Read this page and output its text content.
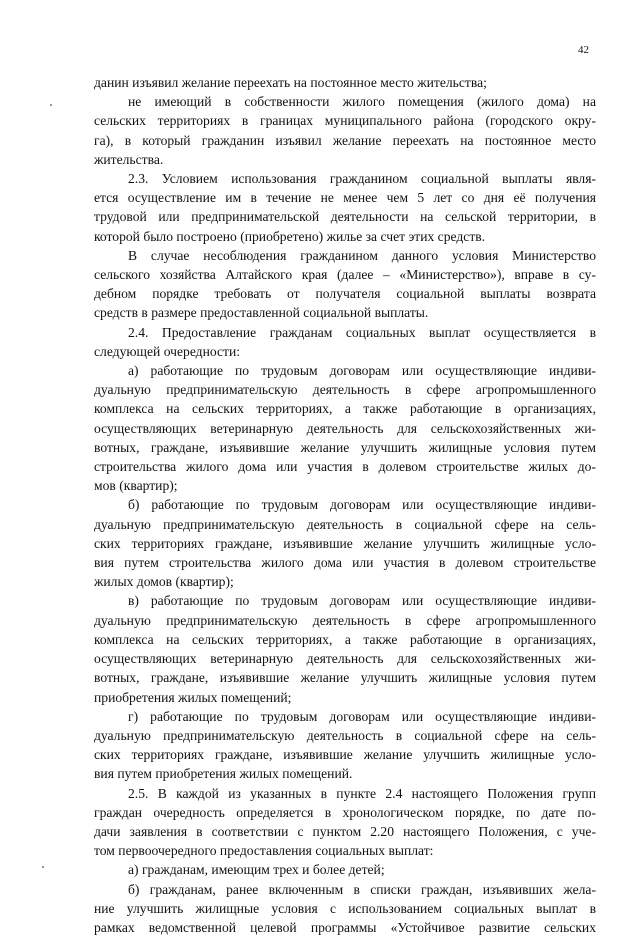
42
данин изъявил желание переехать на постоянное место жительства;
не имеющий в собственности жилого помещения (жилого дома) на
сельских территориях в границах муниципального района (городского окру-
га), в который гражданин изъявил желание переехать на постоянное место
жительства.
2.3. Условием использования гражданином социальной выплаты явля-
ется осуществление им в течение не менее чем 5 лет со дня её получения
трудовой или предпринимательской деятельности на сельской территории, в
которой было построено (приобретено) жилье за счет этих средств.
В случае несоблюдения гражданином данного условия Министерство
сельского хозяйства Алтайского края (далее – «Министерство»), вправе в су-
дебном порядке требовать от получателя социальной выплаты возврата
средств в размере предоставленной социальной выплаты.
2.4. Предоставление гражданам социальных выплат осуществляется в
следующей очередности:
а) работающие по трудовым договорам или осуществляющие индиви-
дуальную предпринимательскую деятельность в сфере агропромышленного
комплекса на сельских территориях, а также работающие в организациях,
осуществляющих ветеринарную деятельность для сельскохозяйственных жи-
вотных, граждане, изъявившие желание улучшить жилищные условия путем
строительства жилого дома или участия в долевом строительстве жилых до-
мов (квартир);
б) работающие по трудовым договорам или осуществляющие индиви-
дуальную предпринимательскую деятельность в социальной сфере на сель-
ских территориях граждане, изъявившие желание улучшить жилищные усло-
вия путем строительства жилого дома или участия в долевом строительстве
жилых домов (квартир);
в) работающие по трудовым договорам или осуществляющие индиви-
дуальную предпринимательскую деятельность в сфере агропромышленного
комплекса на сельских территориях, а также работающие в организациях,
осуществляющих ветеринарную деятельность для сельскохозяйственных жи-
вотных, граждане, изъявившие желание улучшить жилищные условия путем
приобретения жилых помещений;
г) работающие по трудовым договорам или осуществляющие индиви-
дуальную предпринимательскую деятельность в социальной сфере на сель-
ских территориях граждане, изъявившие желание улучшить жилищные усло-
вия путем приобретения жилых помещений.
2.5. В каждой из указанных в пункте 2.4 настоящего Положения групп
граждан очередность определяется в хронологическом порядке, по дате по-
дачи заявления в соответствии с пунктом 2.20 настоящего Положения, с уче-
том первоочередного предоставления социальных выплат:
а) гражданам, имеющим трех и более детей;
б) гражданам, ранее включенным в списки граждан, изъявивших жела-
ние улучшить жилищные условия с использованием социальных выплат в
рамках ведомственной целевой программы «Устойчивое развитие сельских
